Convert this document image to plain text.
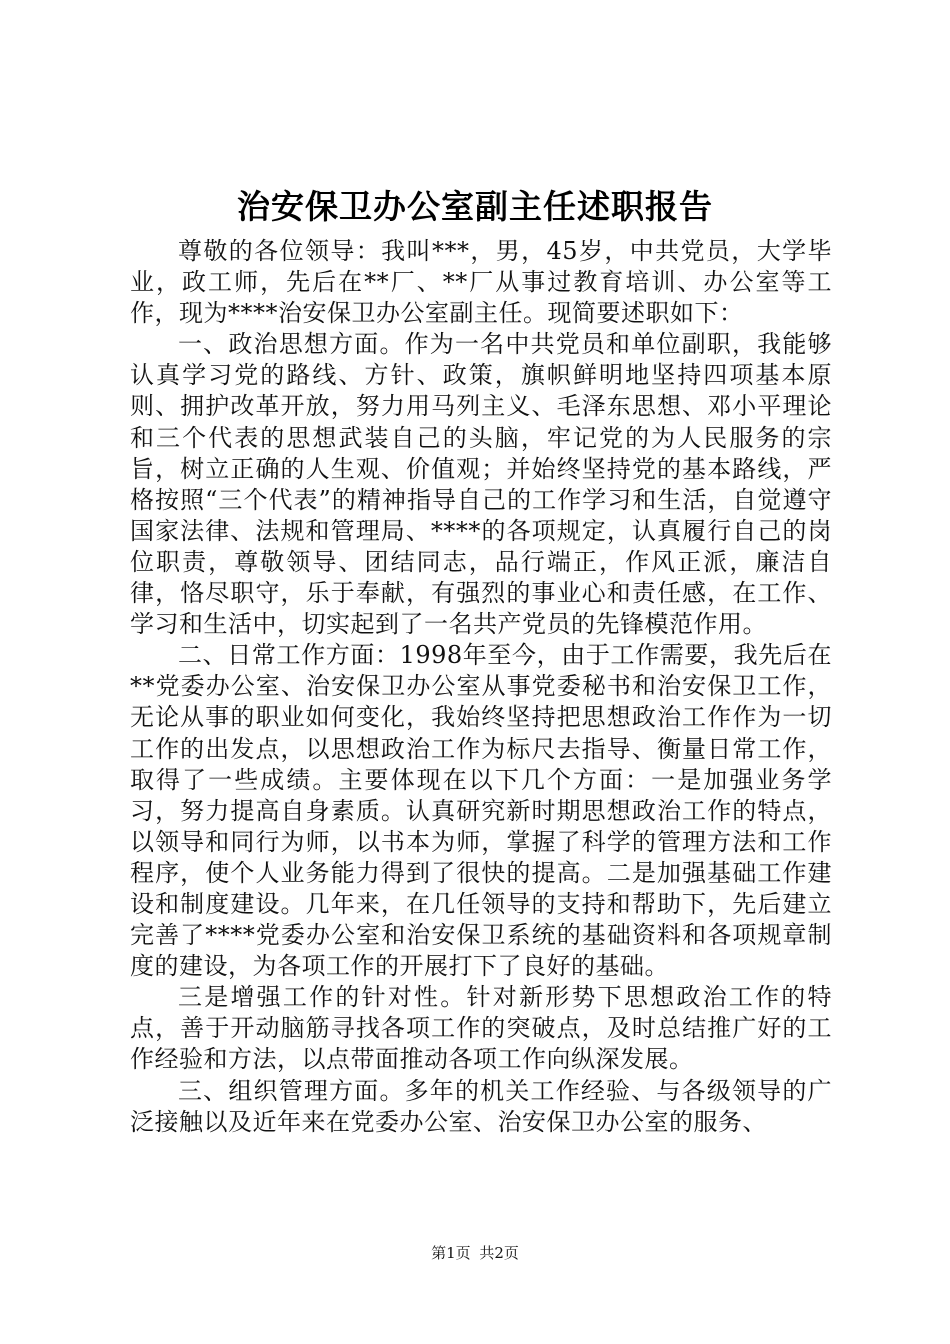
治安保卫办公室副主任述职报告

尊敬的各位领导：我叫***，男，45岁，中共党员，大学毕业，政工师，先后在**厂、**厂从事过教育培训、办公室等工作，现为****治安保卫办公室副主任。现简要述职如下：

一、政治思想方面。作为一名中共党员和单位副职，我能够认真学习党的路线、方针、政策，旗帜鲜明地坚持四项基本原则、拥护改革开放，努力用马列主义、毛泽东思想、邓小平理论和三个代表的思想武装自己的头脑，牢记党的为人民服务的宗旨，树立正确的人生观、价值观；并始终坚持党的基本路线，严格按照“三个代表”的精神指导自己的工作学习和生活，自觉遵守国家法律、法规和管理局、****的各项规定，认真履行自己的岗位职责，尊敬领导、团结同志，品行端正，作风正派，廉洁自律，恪尽职守，乐于奉献，有强烈的事业心和责任感，在工作、学习和生活中，切实起到了一名共产党员的先锋模范作用。

二、日常工作方面：1998年至今，由于工作需要，我先后在**党委办公室、治安保卫办公室从事党委秘书和治安保卫工作，无论从事的职业如何变化，我始终坚持把思想政治工作作为一切工作的出发点，以思想政治工作为标尺去指导、衡量日常工作，取得了一些成绩。主要体现在以下几个方面：一是加强业务学习，努力提高自身素质。认真研究新时期思想政治工作的特点，以领导和同行为师，以书本为师，掌握了科学的管理方法和工作程序，使个人业务能力得到了很快的提高。二是加强基础工作建设和制度建设。几年来，在几任领导的支持和帮助下，先后建立完善了****党委办公室和治安保卫系统的基础资料和各项规章制度的建设，为各项工作的开展打下了良好的基础。

三是增强工作的针对性。针对新形势下思想政治工作的特点，善于开动脑筋寻找各项工作的突破点，及时总结推广好的工作经验和方法，以点带面推动各项工作向纵深发展。

三、组织管理方面。多年的机关工作经验、与各级领导的广泛接触以及近年来在党委办公室、治安保卫办公室的服务、

第1页 共2页
